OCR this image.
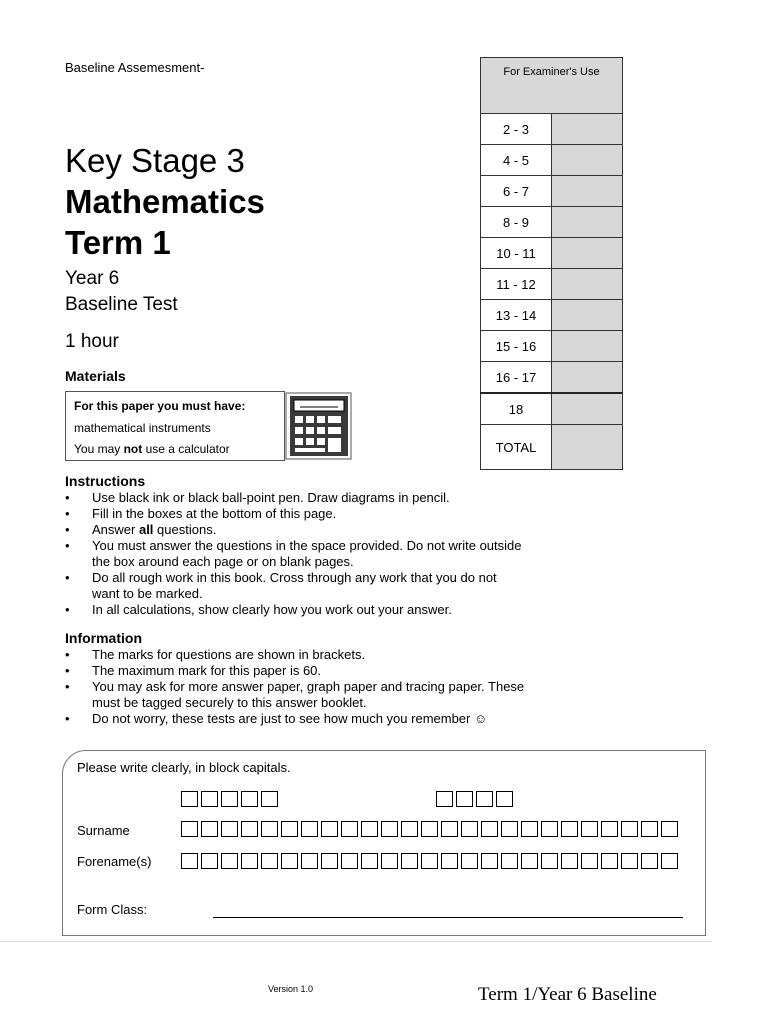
Baseline Assemesment-
Key Stage 3
Mathematics
Term 1
Year 6
Baseline Test
1 hour
Materials
For this paper you must have:
mathematical instruments
You may not use a calculator
For Examiner's Use	
2 - 3	
4 - 5	
6 - 7	
8 - 9	
10 - 11	
11 - 12	
13 - 14	
15 - 16	
16 - 17	
18	
TOTAL	
Instructions
• Use black ink or black ball-point pen. Draw diagrams in pencil.
• Fill in the boxes at the bottom of this page.
• Answer all questions.
• You must answer the questions in the space provided. Do not write outside the box around each page or on blank pages.
• Do all rough work in this book. Cross through any work that you do not want to be marked.
• In all calculations, show clearly how you work out your answer.
Information
• The marks for questions are shown in brackets.
• The maximum mark for this paper is 60.
• You may ask for more answer paper, graph paper and tracing paper. These must be tagged securely to this answer booklet.
• Do not worry, these tests are just to see how much you remember ☺
Please write clearly, in block capitals.
Surname
Forename(s)
Form Class:
Version 1.0	Term 1/Year 6 Baseline
